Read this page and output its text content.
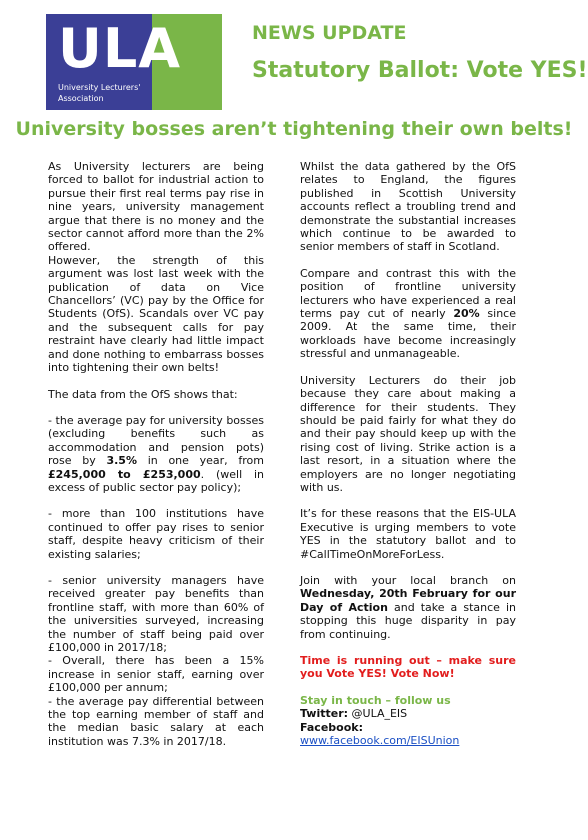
ULA
University Lecturers'
Association
NEWS UPDATE
Statutory Ballot: Vote YES!
University bosses aren’t tightening their own belts!

As University lecturers are being forced to ballot for industrial action to pursue their first real terms pay rise in nine years, university management argue that there is no money and the sector cannot afford more than the 2% offered.

However, the strength of this argument was lost last week with the publication of data on Vice Chancellors’ (VC) pay by the Office for Students (OfS). Scandals over VC pay and the subsequent calls for pay restraint have clearly had little impact and done nothing to embarrass bosses into tightening their own belts!

The data from the OfS shows that:

- the average pay for university bosses (excluding benefits such as accommodation and pension pots) rose by 3.5% in one year, from £245,000 to £253,000. (well in excess of public sector pay policy);

- more than 100 institutions have continued to offer pay rises to senior staff, despite heavy criticism of their existing salaries;

- senior university managers have received greater pay benefits than frontline staff, with more than 60% of the universities surveyed, increasing the number of staff being paid over £100,000 in 2017/18;

- Overall, there has been a 15% increase in senior staff, earning over £100,000 per annum;

- the average pay differential between the top earning member of staff and the median basic salary at each institution was 7.3% in 2017/18.

Whilst the data gathered by the OfS relates to England, the figures published in Scottish University accounts reflect a troubling trend and demonstrate the substantial increases which continue to be awarded to senior members of staff in Scotland.

Compare and contrast this with the position of frontline university lecturers who have experienced a real terms pay cut of nearly 20% since 2009. At the same time, their workloads have become increasingly stressful and unmanageable.

University Lecturers do their job because they care about making a difference for their students. They should be paid fairly for what they do and their pay should keep up with the rising cost of living. Strike action is a last resort, in a situation where the employers are no longer negotiating with us.

It’s for these reasons that the EIS-ULA Executive is urging members to vote YES in the statutory ballot and to #CallTimeOnMoreForLess.

Join with your local branch on Wednesday, 20th February for our Day of Action and take a stance in stopping this huge disparity in pay from continuing.

Time is running out – make sure you Vote YES! Vote Now!

Stay in touch – follow us

Twitter: @ULA_EIS

Facebook:

www.facebook.com/EISUnion
